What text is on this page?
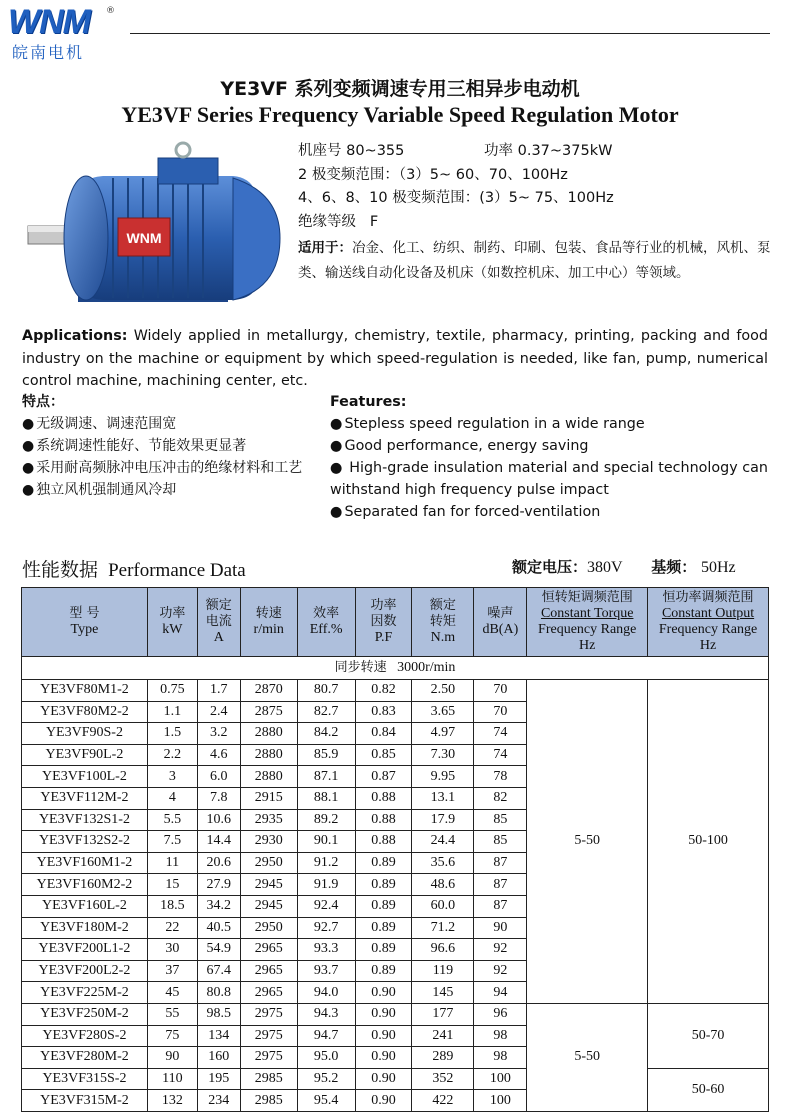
WNM	®
皖南电机
YE3VF 系列变频调速专用三相异步电动机
YE3VF Series Frequency Variable Speed Regulation Motor
WNM
机座号 80~355	功率 0.37~375kW
2 极变频范围：（3）5~ 60、70、100Hz
4、6、8、10 极变频范围：(3）5~ 75、100Hz
绝缘等级 F
适用于：冶金、化工、纺织、制药、印刷、包装、食品等行业的机械，风机、泵类、输送线自动化设备及机床（如数控机床、加工中心）等领域。
Applications: Widely applied in metallurgy, chemistry, textile, pharmacy, printing, packing and food industry on the machine or equipment by which speed-regulation is needed, like fan, pump, numerical control machine, machining center, etc.
特点：
● 无级调速、调速范围宽
● 系统调速性能好、节能效果更显著
● 采用耐高频脉冲电压冲击的绝缘材料和工艺
● 独立风机强制通风冷却
Features:
● Stepless speed regulation in a wide range
● Good performance, energy saving
● High-grade insulation material and special technology can withstand high frequency pulse impact
● Separated fan for forced-ventilation
性能数据 Performance Data	额定电压：380V 基频： 50Hz
型 号
Type	功率
kW	额定
电流
A	转速
r/min	效率
Eff.%	功率
因数
P.F	额定
转矩
N.m	噪声
dB(A)	恒转矩调频范围
Constant Torque
Frequency Range
Hz	恒功率调频范围
Constant Output
Frequency Range
Hz
同步转速 3000r/min									
YE3VF80M1-2	0.75	1.7	2870	80.7	0.82	2.50	70	5-50	50-100
YE3VF80M2-2	1.1	2.4	2875	82.7	0.83	3.65	70		
YE3VF90S-2	1.5	3.2	2880	84.2	0.84	4.97	74		
YE3VF90L-2	2.2	4.6	2880	85.9	0.85	7.30	74		
YE3VF100L-2	3	6.0	2880	87.1	0.87	9.95	78		
YE3VF112M-2	4	7.8	2915	88.1	0.88	13.1	82		
YE3VF132S1-2	5.5	10.6	2935	89.2	0.88	17.9	85		
YE3VF132S2-2	7.5	14.4	2930	90.1	0.88	24.4	85		
YE3VF160M1-2	11	20.6	2950	91.2	0.89	35.6	87		
YE3VF160M2-2	15	27.9	2945	91.9	0.89	48.6	87		
YE3VF160L-2	18.5	34.2	2945	92.4	0.89	60.0	87		
YE3VF180M-2	22	40.5	2950	92.7	0.89	71.2	90		
YE3VF200L1-2	30	54.9	2965	93.3	0.89	96.6	92		
YE3VF200L2-2	37	67.4	2965	93.7	0.89	119	92		
YE3VF225M-2	45	80.8	2965	94.0	0.90	145	94		
YE3VF250M-2	55	98.5	2975	94.3	0.90	177	96	5-50	50-70
YE3VF280S-2	75	134	2975	94.7	0.90	241	98		
YE3VF280M-2	90	160	2975	95.0	0.90	289	98		
YE3VF315S-2	110	195	2985	95.2	0.90	352	100		50-60
YE3VF315M-2	132	234	2985	95.4	0.90	422	100		
